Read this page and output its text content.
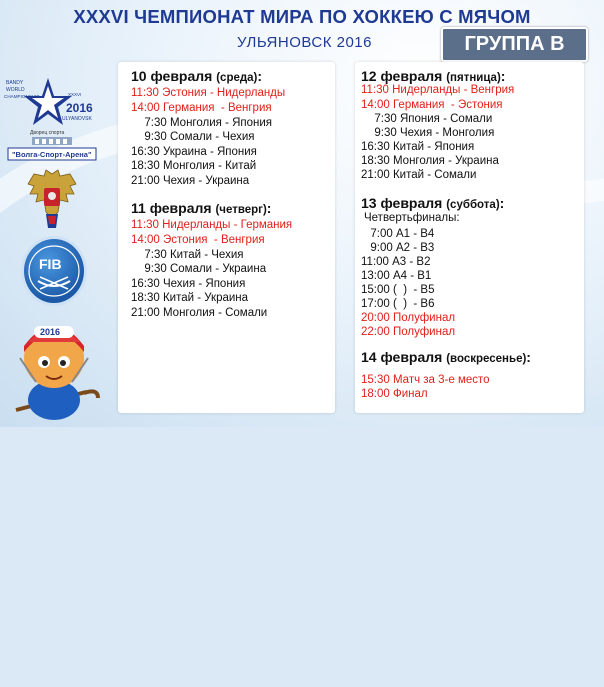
XXXVI ЧЕМПИОНАТ МИРА ПО ХОККЕЮ С МЯЧОМ
УЛЬЯНОВСК 2016	ГРУППА В
BANDY
WORLD
CHAMPIONSHIP	XXXVI
2016
ULYANOVSK
Дворец спорта
"Волга-Спорт-Арена"
FIB
2016
10 февраля (среда):
11:30 Эстония - Нидерланды
14:00 Германия  - Венгрия
7:30 Монголия - Япония
9:30 Сомали - Чехия
16:30 Украина - Япония
18:30 Монголия - Китай
21:00 Чехия - Украина
11 февраля (четверг):
11:30 Нидерланды - Германия
14:00 Эстония  - Венгрия
7:30 Китай - Чехия
9:30 Сомали - Украина
16:30 Чехия - Япония
18:30 Китай - Украина
21:00 Монголия - Сомали
12 февраля (пятница):
11:30 Нидерланды - Венгрия
14:00 Германия  - Эстония
7:30 Япония - Сомали
9:30 Чехия - Монголия
16:30 Китай - Япония
18:30 Монголия - Украина
21:00 Китай - Сомали
13 февраля (суббота):
Четвертьфиналы:
7:00 А1 - В4
9:00 А2 - В3
11:00 А3 - В2
13:00 А4 - В1
15:00 (  )  - В5
17:00 (  )  - В6
20:00 Полуфинал
22:00 Полуфинал
14 февраля (воскресенье):
15:30 Матч за 3-е место
18:00 Финал
